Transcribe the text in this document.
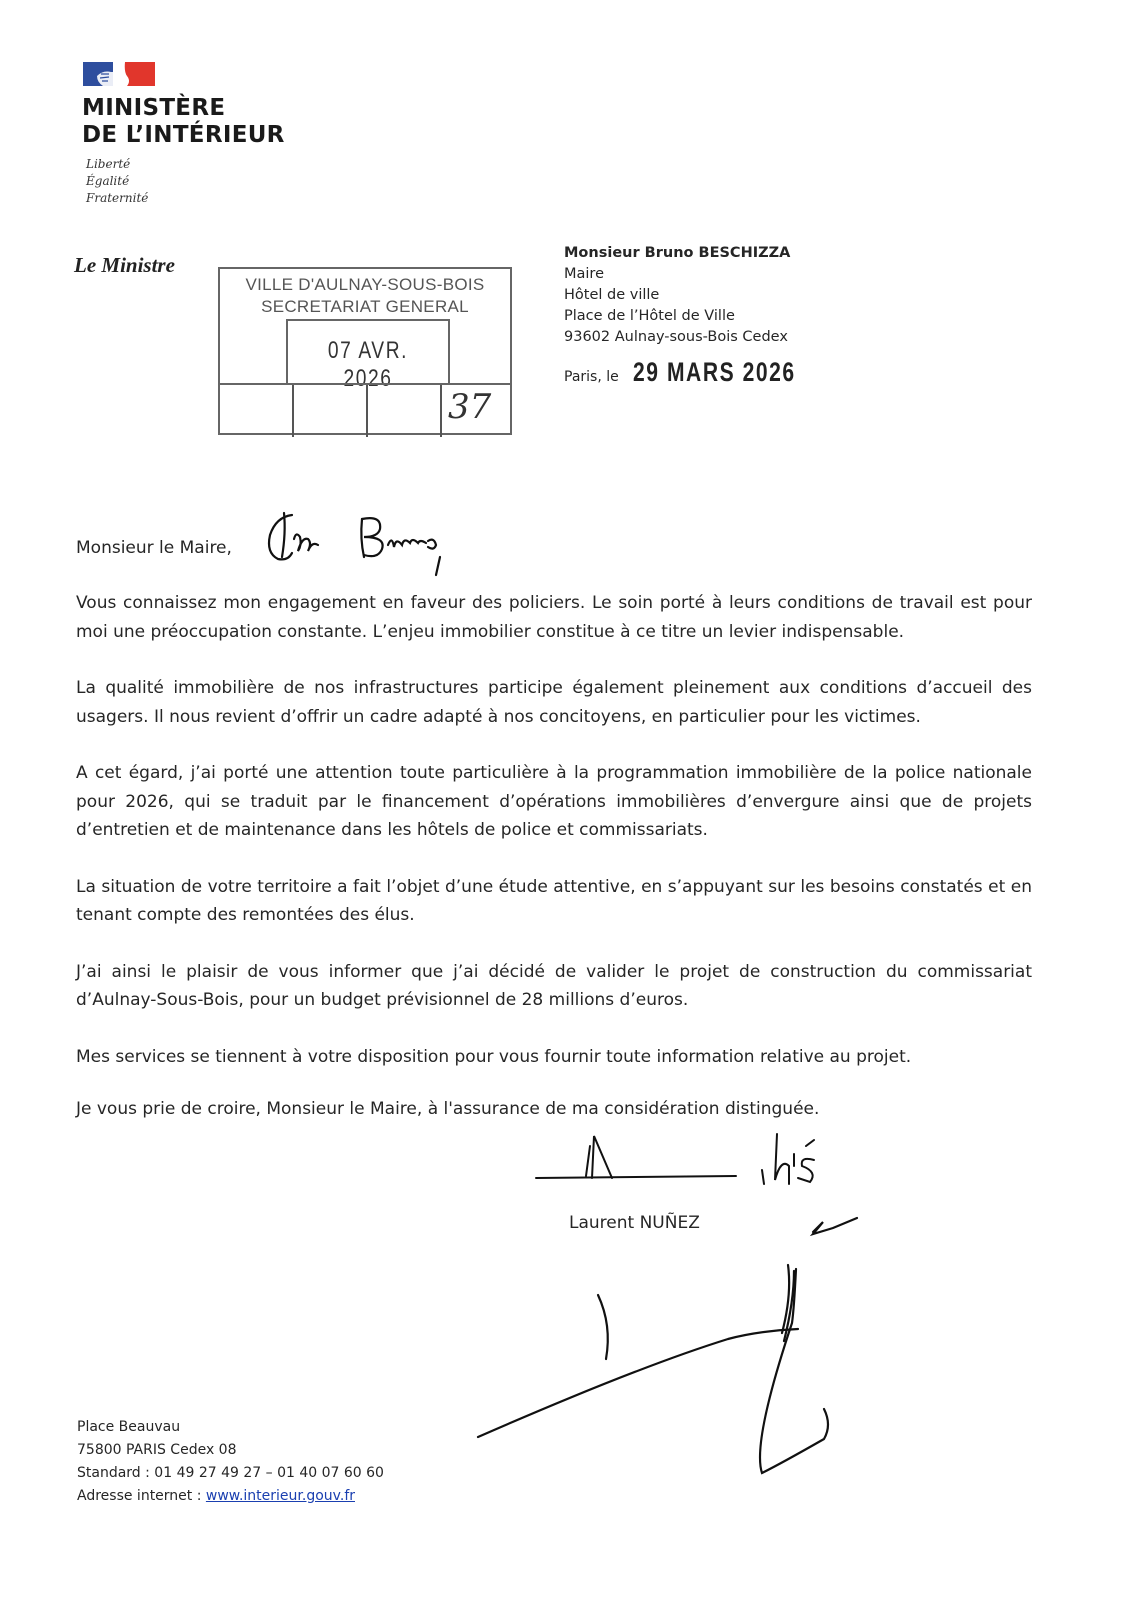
MINISTÈRE
DE L’INTÉRIEUR
Liberté
Égalité
Fraternité
Le Ministre
VILLE D'AULNAY-SOUS-BOIS
SECRETARIAT GENERAL
07 AVR. 2026
37
Monsieur Bruno BESCHIZZA
Maire
Hôtel de ville
Place de l’Hôtel de Ville
93602 Aulnay-sous-Bois Cedex
Paris, le 29 MARS 2026
Monsieur le Maire,

Vous connaissez mon engagement en faveur des policiers. Le soin porté à leurs conditions de travail est pour moi une préoccupation constante. L’enjeu immobilier constitue à ce titre un levier indispensable.

La qualité immobilière de nos infrastructures participe également pleinement aux conditions d’accueil des usagers. Il nous revient d’offrir un cadre adapté à nos concitoyens, en particulier pour les victimes.

A cet égard, j’ai porté une attention toute particulière à la programmation immobilière de la police nationale pour 2026, qui se traduit par le financement d’opérations immobilières d’envergure ainsi que de projets d’entretien et de maintenance dans les hôtels de police et commissariats.

La situation de votre territoire a fait l’objet d’une étude attentive, en s’appuyant sur les besoins constatés et en tenant compte des remontées des élus.

J’ai ainsi le plaisir de vous informer que j’ai décidé de valider le projet de construction du commissariat d’Aulnay-Sous-Bois, pour un budget prévisionnel de 28 millions d’euros.

Mes services se tiennent à votre disposition pour vous fournir toute information relative au projet.

Je vous prie de croire, Monsieur le Maire, à l'assurance de ma considération distinguée.

Laurent NUÑEZ
Place Beauvau
75800 PARIS Cedex 08
Standard : 01 49 27 49 27 – 01 40 07 60 60
Adresse internet : www.interieur.gouv.fr
